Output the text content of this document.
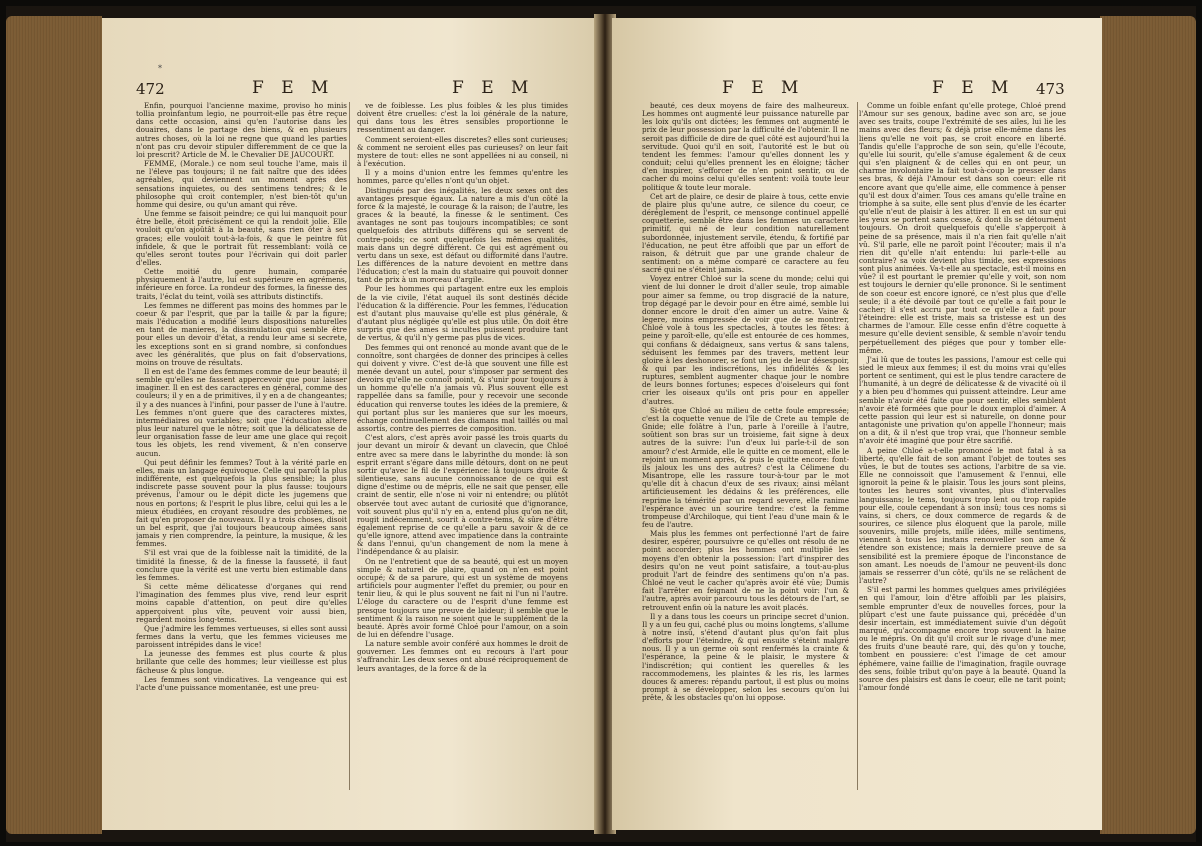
*
472	F E M	F E M

Enfin, pourquoi l'ancienne maxime, proviso ho minis tollia proinfantum legio, ne pourroit-elle pas être reçue dans cette occasion, ainsi qu'en l'autorise dans les douaires, dans le partage des biens, & en plusieurs autres choses, où la loi ne regne que quand les parties n'ont pas cru devoir stipuler differemment de ce que la loi prescrit? Article de M. le Chevalier DE JAUCOURT.

FEMME, (Morale.) ce nom seul touche l'ame, mais il ne l'éleve pas toujours; il ne fait naître que des idées agréables, qui deviennent un moment après des sensations inquietes, ou des sentimens tendres; & le philosophe qui croit contempler, n'est bien-tôt qu'un homme qui desire, ou qu'un amant qui rêve.

Une femme se faisoit peindre; ce qui lui manquoit pour être belle, étoit précisément ce qui la rendoit jolie. Elle vouloit qu'on ajoûtât à la beauté, sans rien ôter à ses graces; elle vouloit tout-à-la-fois, & que le peintre fût infidele, & que le portrait fût ressemblant: voilà ce qu'elles seront toutes pour l'écrivain qui doit parler d'elles.

Cette moitié du genre humain, comparée physiquement à l'autre, lui est supérieure en agrémens, inférieure en force. La rondeur des formes, la finesse des traits, l'éclat du teint, voilà ses attributs distinctifs.

Les femmes ne different pas moins des hommes par le coeur & par l'esprit, que par la taille & par la figure; mais l'éducation a modifié leurs dispositions naturelles en tant de manieres, la dissimulation qui semble être pour elles un devoir d'état, a rendu leur ame si secrete, les exceptions sont en si grand nombre, si confondues avec les généralités, que plus on fait d'observations, moins on trouve de résultats.

Il en est de l'ame des femmes comme de leur beauté; il semble qu'elles ne fassent appercevoir que pour laisser imaginer. Il en est des caracteres en général, comme des couleurs; il y en a de primitives, il y en a de changeantes; il y a des nuances à l'infini, pour passer de l'une à l'autre. Les femmes n'ont guere que des caracteres mixtes, intermédiaires ou variables; soit que l'éducation altere plus leur naturel que le nôtre; soit que la délicatesse de leur organisation fasse de leur ame une glace qui reçoit tous les objets, les rend vivement, & n'en conserve aucun.

Qui peut définir les femmes? Tout à la vérité parle en elles, mais un langage équivoque. Celle qui paroît la plus indifférente, est quelquefois la plus sensible; la plus indiscrete passe souvent pour la plus fausse: toujours prévenus, l'amour ou le dépit dicte les jugemens que nous en portons; & l'esprit le plus libre, celui qui les a le mieux étudiées, en croyant résoudre des problèmes, ne fait qu'en proposer de nouveaux. Il y a trois choses, disoit un bel esprit, que j'ai toujours beaucoup aimées sans jamais y rien comprendre, la peinture, la musique, & les femmes.

S'il est vrai que de la foiblesse naît la timidité, de la timidité la finesse, & de la finesse la fausseté, il faut conclure que la vérité est une vertu bien estimable dans les femmes.

Si cette même délicatesse d'organes qui rend l'imagination des femmes plus vive, rend leur esprit moins capable d'attention, on peut dire qu'elles apperçoivent plus vîte, peuvent voir aussi bien, regardent moins long-tems.

Que j'admire les femmes vertueuses, si elles sont aussi fermes dans la vertu, que les femmes vicieuses me paroissent intrépides dans le vice!

La jeunesse des femmes est plus courte & plus brillante que celle des hommes; leur vieillesse est plus fâcheuse & plus longue.

Les femmes sont vindicatives. La vengeance qui est l'acte d'une puissance momentanée, est une preu-

ve de foiblesse. Les plus foibles & les plus timides doivent être cruelles: c'est la loi générale de la nature, qui dans tous les êtres sensibles proportionne le ressentiment au danger.

Comment seroient-elles discretes? elles sont curieuses; & comment ne seroient elles pas curieuses? on leur fait mystere de tout: elles ne sont appellées ni au conseil, ni à l'exécution.

Il y a moins d'union entre les femmes qu'entre les hommes, parce qu'elles n'ont qu'un objet.

Distingués par des inégalités, les deux sexes ont des avantages presque égaux. La nature a mis d'un côté la force & la majesté, le courage & la raison; de l'autre, les graces & la beauté, la finesse & le sentiment. Ces avantages ne sont pas toujours incompatibles; ce sont quelquefois des attributs différens qui se servent de contre-poids; ce sont quelquefois les mêmes qualités, mais dans un degré différent. Ce qui est agrément ou vertu dans un sexe, est défaut ou difformité dans l'autre. Les différences de la nature devoient en mettre dans l'éducation; c'est la main du statuaire qui pouvoit donner tant de prix à un morceau d'argile.

Pour les hommes qui partagent entre eux les emplois de la vie civile, l'état auquel ils sont destinés décide l'éducation & la différencie. Pour les femmes, l'éducation est d'autant plus mauvaise qu'elle est plus générale, & d'autant plus négligée qu'elle est plus utile. On doit être surpris que des ames si incultes puissent produire tant de vertus, & qu'il n'y germe pas plus de vices.

Des femmes qui ont renoncé au monde avant que de le connoître, sont chargées de donner des principes à celles qui doivent y vivre. C'est de-là que souvent une fille est menée devant un autel, pour s'imposer par serment des devoirs qu'elle ne connoît point, & s'unir pour toujours à un homme qu'elle n'a jamais vû. Plus souvent elle est rappellée dans sa famille, pour y recevoir une seconde éducation qui renverse toutes les idées de la premiere, & qui portant plus sur les manieres que sur les moeurs, échange continuellement des diamans mal taillés ou mal assortis, contre des pierres de composition.

C'est alors, c'est après avoir passé les trois quarts du jour devant un miroir & devant un clavecin, que Chloé entre avec sa mere dans le labyrinthe du monde: là son esprit errant s'égare dans mille détours, dont on ne peut sortir qu'avec le fil de l'expérience: là toujours droite & silentieuse, sans aucune connoissance de ce qui est digne d'estime ou de mépris, elle ne sait que penser, elle craint de sentir, elle n'ose ni voir ni entendre; ou plûtôt observée tout avec autant de curiosité que d'ignorance, voit souvent plus qu'il n'y en a, entend plus qu'on ne dit, rougit indécemment, sourit à contre-tems, & sûre d'être également reprise de ce qu'elle a paru savoir & de ce qu'elle ignore, attend avec impatience dans la contrainte & dans l'ennui, qu'un changement de nom la mene à l'indépendance & au plaisir.

On ne l'entretient que de sa beauté, qui est un moyen simple & naturel de plaire, quand on n'en est point occupé; & de sa parure, qui est un système de moyens artificiels pour augmenter l'effet du premier, ou pour en tenir lieu, & qui le plus souvent ne fait ni l'un ni l'autre. L'éloge du caractere ou de l'esprit d'une femme est presque toujours une preuve de laideur; il semble que le sentiment & la raison ne soient que le supplément de la beauté. Après avoir formé Chloé pour l'amour, on a soin de lui en défendre l'usage.

La nature semble avoir conféré aux hommes le droit de gouverner. Les femmes ont eu recours à l'art pour s'affranchir. Les deux sexes ont abusé réciproquement de leurs avantages, de la force & de la

F E M	F E M 473

beauté, ces deux moyens de faire des malheureux. Les hommes ont augmenté leur puissance naturelle par les loix qu'ils ont dictées; les femmes ont augmenté le prix de leur possession par la difficulté de l'obtenir. Il ne seroit pas difficile de dire de quel côté est aujourd'hui la servitude. Quoi qu'il en soit, l'autorité est le but où tendent les femmes: l'amour qu'elles donnent les y conduit; celui qu'elles prennent les en éloigne; tâcher d'en inspirer, s'efforcer de n'en point sentir, ou de cacher du moins celui qu'elles sentent: voilà toute leur politique & toute leur morale.

Cet art de plaire, ce desir de plaire à tous, cette envie de plaire plus qu'une autre, ce silence du coeur, ce déréglement de l'esprit, ce mensonge continuel appellé coquetterie, semble être dans les femmes un caractere primitif, qui né de leur condition naturellement subordonnée, injustement servile, étendu, & fortifié par l'éducation, ne peut être affoibli que par un effort de raison, & détruit que par une grande chaleur de sentiment: on a même comparé ce caractere au feu sacré qui ne s'éteint jamais.

Voyez entrer Chloé sur la scene du monde; celui qui vient de lui donner le droit d'aller seule, trop aimable pour aimer sa femme, ou trop disgracié de la nature, trop dégagé par le devoir pour en être aimé, semble lui donner encore le droit d'en aimer un autre. Vaine & legere, moins empressée de voir que de se montrer, Chloé vole à tous les spectacles, à toutes les fêtes: à peine y paroît-elle, qu'elle est entourée de ces hommes, qui confians & dédaigneux, sans vertus & sans talens, séduisent les femmes par des travers, mettent leur gloire à les deshonorer, se font un jeu de leur désespoir, & qui par les indiscrétions, les infidélités & les ruptures, semblent augmenter chaque jour le nombre de leurs bonnes fortunes; especes d'oiseleurs qui font crier les oiseaux qu'ils ont pris pour en appeller d'autres.

Si-tôt que Chloé au milieu de cette foule empressée; c'est la coquette venue de l'île de Crete au temple de Gnide; elle folâtre à l'un, parle à l'oreille à l'autre, soûtient son bras sur un troisieme, fait signe à deux autres de la suivre: l'un d'eux lui parle-t-il de son amour? c'est Armide, elle le quitte en ce moment, elle le rejoint un moment après, & puis le quitte encore: font-ils jaloux les uns des autres? c'est la Célimene du Misantrope, elle les rassure tour-à-tour par le mot qu'elle dit à chacun d'eux de ses rivaux; ainsi mêlant artificieusement les dédains & les préférences, elle reprime la témérité par un regard severe, elle ranime l'espérance avec un sourire tendre: c'est la femme trompeuse d'Archiloque, qui tient l'eau d'une main & le feu de l'autre.

Mais plus les femmes ont perfectionné l'art de faire desirer, espérer, poursuivre ce qu'elles ont résolu de ne point accorder; plus les hommes ont multiplié les moyens d'en obtenir la possession: l'art d'inspirer des desirs qu'on ne veut point satisfaire, a tout-au-plus produit l'art de feindre des sentimens qu'on n'a pas. Chloé ne veut le cacher qu'après avoir été vûe; Dumis fait l'arrêter en feignant de ne la point voir: l'un & l'autre, après avoir parcouru tous les détours de l'art, se retrouvent enfin où la nature les avoit placés.

Il y a dans tous les coeurs un principe secret d'union. Il y a un feu qui, caché plus ou moins longtems, s'allume à notre insû, s'étend d'autant plus qu'on fait plus d'efforts pour l'éteindre, & qui ensuite s'éteint malgré nous. Il y a un germe où sont renfermés la crainte & l'espérance, la peine & le plaisir, le mystere & l'indiscrétion; qui contient les querelles & les raccommodemens, les plaintes & les ris, les larmes douces & ameres: répandu partout, il est plus ou moins prompt à se développer, selon les secours qu'on lui prête, & les obstacles qu'on lui oppose.

Comme un foible enfant qu'elle protege, Chloé prend l'Amour sur ses genoux, badine avec son arc, se joue avec ses traits, coupe l'extrémité de ses ailes, lui lie les mains avec des fleurs; & déjà prise elle-même dans les liens qu'elle ne voit pas, se croit encore en liberté. Tandis qu'elle l'approche de son sein, qu'elle l'écoute, qu'elle lui sourit, qu'elle s'amuse également & de ceux qui s'en plaignent & de celles qui en ont peur, un charme involontaire la fait tout-à-coup le presser dans ses bras, & déjà l'Amour est dans son coeur: elle rit encore avant que qu'elle aime, elle commence à penser qu'il est doux d'aimer. Tous ces amans qu'elle traîne en triomphe à sa suite, elle sent plus d'envie de les écarter qu'elle n'eut de plaisir à les attirer. Il en est un sur qui les yeux se portent sans cesse, & dont ils se détournent toujours. On droit quelquefois qu'elle s'apperçoit à peine de sa présence, mais il n'a rien fait qu'elle n'ait vû. S'il parle, elle ne paroît point l'écouter; mais il n'a rien dit qu'elle n'ait entendu: lui parle-t-elle au contraire? sa voix devient plus timide, ses expressions sont plus animées. Va-t-elle au spectacle, est-il moins en vûe? il est pourtant le premier qu'elle y voit, son nom est toujours le dernier qu'elle prononce. Si le sentiment de son coeur est encore ignoré, ce n'est plus que d'elle seule; il a été dévoilé par tout ce qu'elle a fait pour le cacher; il s'est accru par tout ce qu'elle a fait pour l'éteindre: elle est triste, mais sa tristesse est un des charmes de l'amour. Elle cesse enfin d'être coquette à mesure qu'elle devient sensible, & semble n'avoir tendu perpétuellement des piéges que pour y tomber elle-même.

J'ai lû que de toutes les passions, l'amour est celle qui sied le mieux aux femmes; il est du moins vrai qu'elles portent ce sentiment, qui est le plus tendre caractere de l'humanité, à un degré de délicatesse & de vivacité où il y a bien peu d'hommes qui puissent atteindre. Leur ame semble n'avoir été faite que pour sentir, elles semblent n'avoir été formées que pour le doux emploi d'aimer. A cette passion qui leur est si naturelle, on donne pour antagoniste une privation qu'on appelle l'honneur; mais on a dit, & il n'est que trop vrai, que l'honneur semble n'avoir été imaginé que pour être sacrifié.

A peine Chloé a-t-elle prononcé le mot fatal à sa liberté, qu'elle fait de son amant l'objet de toutes ses vûes, le but de toutes ses actions, l'arbitre de sa vie. Elle ne connoissoit que l'amusement & l'ennui, elle ignoroit la peine & le plaisir. Tous les jours sont pleins, toutes les heures sont vivantes, plus d'intervalles languissans; le tems, toujours trop lent ou trop rapide pour elle, coule cependant à son insû; tous ces noms si vains, si chers, ce doux commerce de regards & de sourires, ce silence plus éloquent que la parole, mille souvenirs, mille projets, mille idées, mille sentimens, viennent à tous les instans renouveller son ame & étendre son existence; mais la derniere preuve de sa sensibilité est la premiere époque de l'inconstance de son amant. Les noeuds de l'amour ne peuvent-ils donc jamais se resserrer d'un côté, qu'ils ne se relâchent de l'autre?

S'il est parmi les hommes quelques ames privilégiées en qui l'amour, loin d'être affoibli par les plaisirs, semble emprunter d'eux de nouvelles forces, pour la plûpart c'est une faute puissance qui, précédée d'un desir incertain, est immédiatement suivie d'un dégoût marqué, qu'accompagne encore trop souvent la haine ou le mépris. On dit qu'il croît sur le rivage d'une mer, des fruits d'une beauté rare, qui, dès qu'on y touche, tombent en poussiere: c'est l'image de cet amour éphémere, vaine faillie de l'imagination, fragile ouvrage des sens, foible tribut qu'on paye à la beauté. Quand la source des plaisirs est dans le coeur, elle ne tarit point; l'amour fondé
